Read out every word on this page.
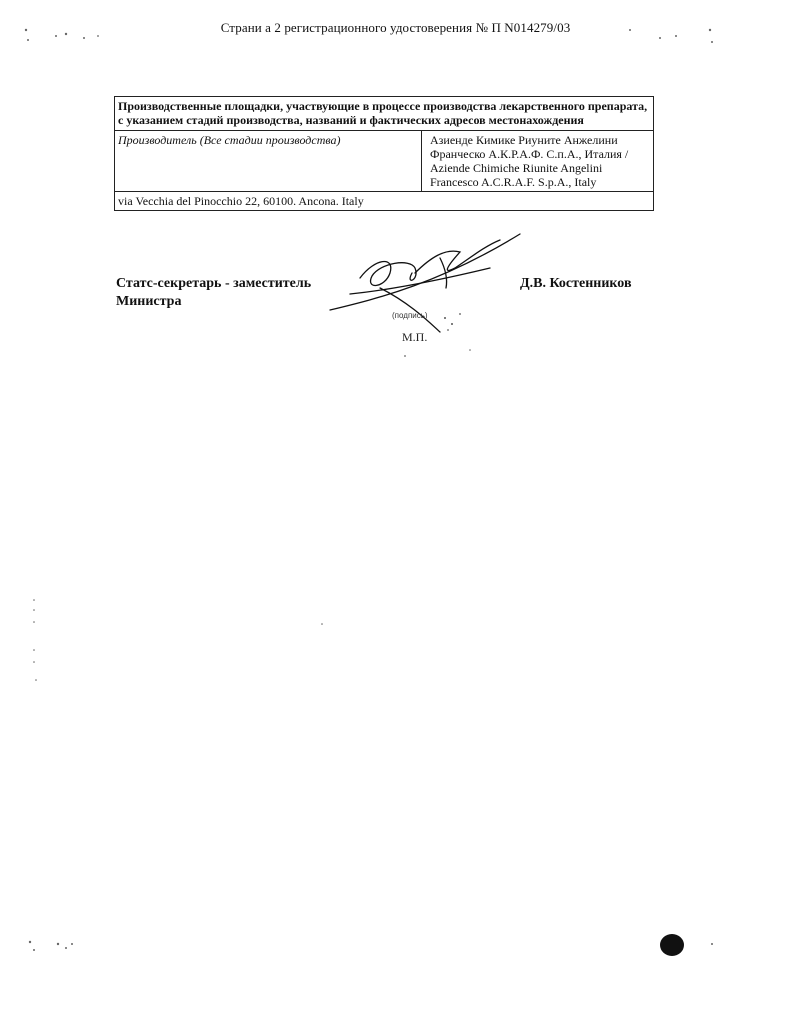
Страни а 2 регистрационного удостоверения № П N014279/03
Производственные площадки, участвующие в процессе производства лекарственного препарата, с указанием стадий производства, названий и фактических адресов местонахождения
Производитель (Все стадии производства)	Азиенде Кимике Риуните Анжелини
Франческо А.К.Р.А.Ф. С.п.А., Италия /
Aziende Chimiche Riunite Angelini
Francesco A.C.R.A.F. S.p.A., Italy

via Vecchia del Pinocchio 22, 60100. Ancona. Italy
Статс-секретарь - заместитель
Министра
Д.В. Костенников
(подпись)
М.П.
